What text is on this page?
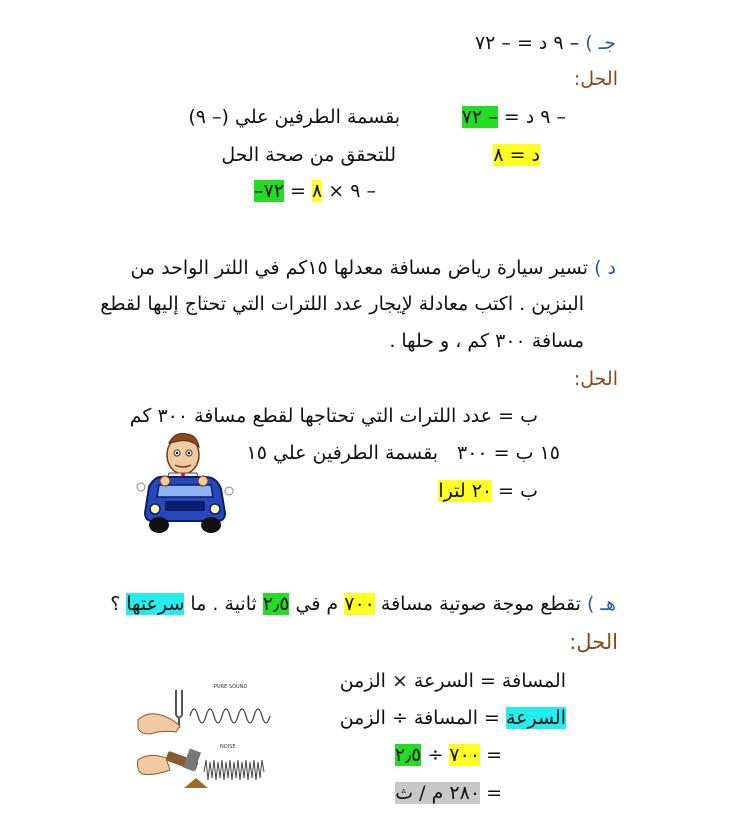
جـ ) – ٩ د = – ٧٢
الحل:
– ٩ د = – ٧٢
بقسمة الطرفين علي (– ٩)
د = ٨
للتحقق من صحة الحل
– ٩ × ٨ = ٧٢–
د ) تسير سيارة رياض مسافة معدلها ١٥كم في اللتر الواحد من
البنزين . اكتب معادلة لإيجار عدد اللترات التي تحتاج إليها لقطع
مسافة ٣٠٠ كم ، و حلها .
الحل:
ب = عدد اللترات التي تحتاجها لقطع مسافة ٣٠٠ كم
١٥ ب = ٣٠٠
بقسمة الطرفين علي ١٥
ب = ٢٠ لترا
هـ ) تقطع موجة صوتية مسافة ٧٠٠ م في ٢٫٥ ثانية . ما سرعتها ؟
الحل:
المسافة = السرعة × الزمن
السرعة = المسافة ÷ الزمن
= ٧٠٠ ÷ ٢٫٥
= ٢٨٠ م / ث
PURE SOUND
NOISE
